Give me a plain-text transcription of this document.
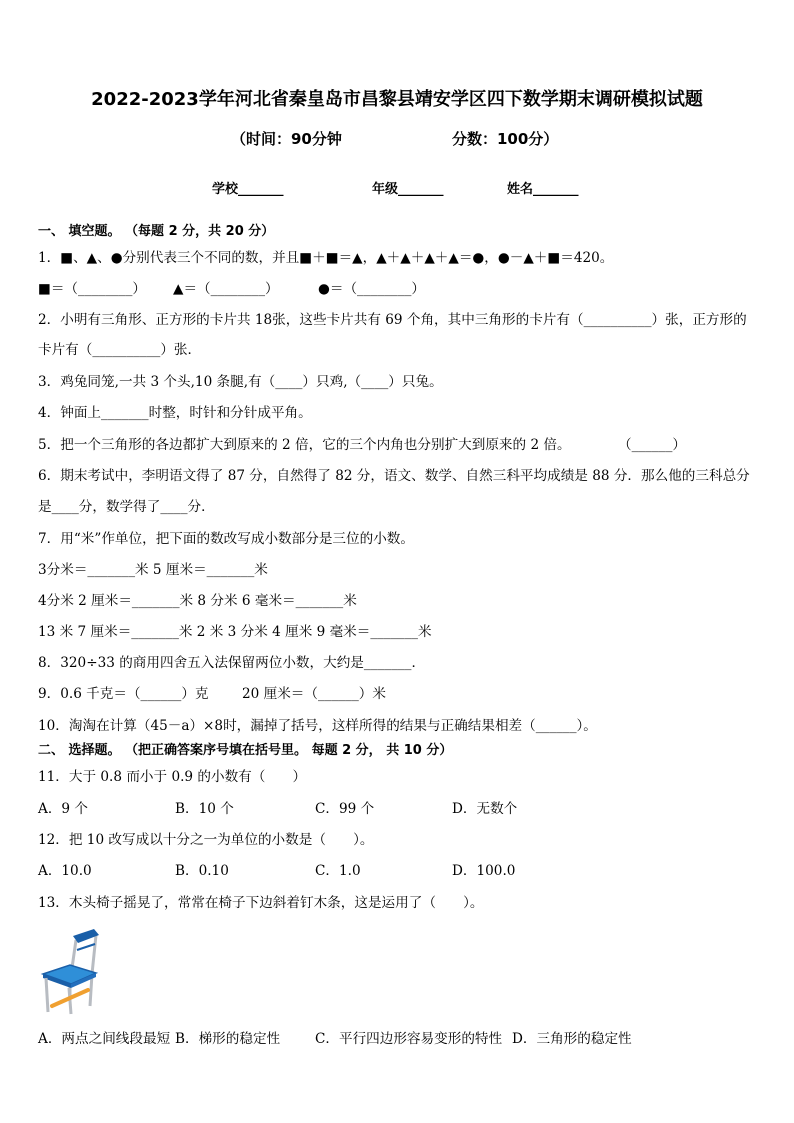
2022-2023学年河北省秦皇岛市昌黎县靖安学区四下数学期末调研模拟试题
（时间：90分钟	分数：100分）
学校_______	年级_______	姓名_______
一、 填空题。 （每题 2 分，共 20 分）
1．■、▲、●分别代表三个不同的数，并且■＋■＝▲，▲＋▲＋▲＋▲＝●，●－▲＋■＝420。
■＝（________） ▲＝（________）	●＝（________）
2．小明有三角形、正方形的卡片共 18张，这些卡片共有 69 个角，其中三角形的卡片有（__________）张，正方形的
卡片有（__________）张．
3．鸡兔同笼,一共 3 个头,10 条腿,有（____）只鸡,（____）只兔。
4．钟面上_______时整，时针和分针成平角。
5．把一个三角形的各边都扩大到原来的 2 倍，它的三个内角也分别扩大到原来的 2 倍。	（______）
6．期末考试中，李明语文得了 87 分，自然得了 82 分，语文、数学、自然三科平均成绩是 88 分．那么他的三科总分
是____分，数学得了____分．
7．用“米”作单位，把下面的数改写成小数部分是三位的小数。
3分米＝_______米 5 厘米＝_______米
4分米 2 厘米＝_______米 8 分米 6 毫米＝_______米
13 米 7 厘米＝_______米 2 米 3 分米 4 厘米 9 毫米＝_______米
8．320÷33 的商用四舍五入法保留两位小数，大约是_______．
9．0.6 千克＝（______）克 20 厘米＝（______）米
10．淘淘在计算（45－a）×8时，漏掉了括号，这样所得的结果与正确结果相差（______）。
二、 选择题。 （把正确答案序号填在括号里。 每题 2 分， 共 10 分）
11．大于 0.8 而小于 0.9 的小数有（　　）
A．9 个	B．10 个	C．99 个	D．无数个
12．把 10 改写成以十分之一为单位的小数是（　　）。
A．10.0	B．0.10	C．1.0	D．100.0
13．木头椅子摇晃了，常常在椅子下边斜着钉木条，这是运用了（　　）。
A．两点之间线段最短 B．梯形的稳定性	C．平行四边形容易变形的特性 D．三角形的稳定性
